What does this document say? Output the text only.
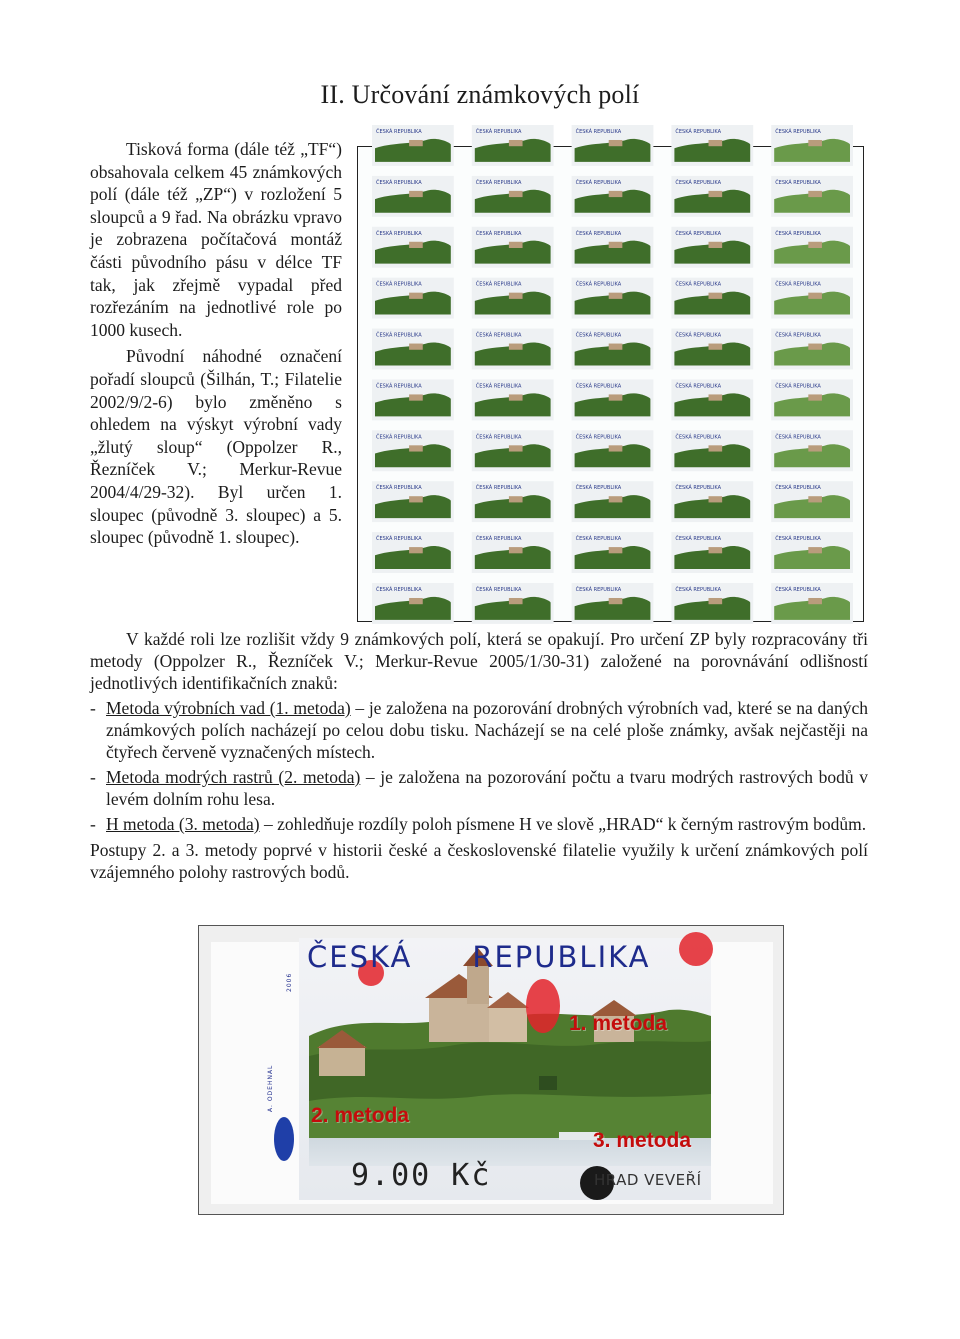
II. Určování známkových polí

Tisková forma (dále též „TF“) obsahovala celkem 45 známkových polí (dále též „ZP“) v rozložení 5 sloupců a 9 řad. Na obrázku vpravo je zobrazena počítačová montáž části původního pásu v délce TF tak, jak zřejmě vypadal před rozřezáním na jednotlivé role po 1000 kusech.

Původní náhodné označení pořadí sloupců (Šilhán, T.; Filatelie 2002/9/2-6) bylo změněno s ohledem na výskyt výrobní vady „žlutý sloup“ (Oppolzer R., Řezníček V.; Merkur-Revue 2004/4/29-32). Byl určen 1. sloupec (původně 3. sloupec) a 5. sloupec (původně 1. sloupec).

ČESKÁ REPUBLIKA	ČESKÁ REPUBLIKA	ČESKÁ REPUBLIKA	ČESKÁ REPUBLIKA	ČESKÁ REPUBLIKA
ČESKÁ REPUBLIKA	ČESKÁ REPUBLIKA	ČESKÁ REPUBLIKA	ČESKÁ REPUBLIKA	ČESKÁ REPUBLIKA
ČESKÁ REPUBLIKA	ČESKÁ REPUBLIKA	ČESKÁ REPUBLIKA	ČESKÁ REPUBLIKA	ČESKÁ REPUBLIKA
ČESKÁ REPUBLIKA	ČESKÁ REPUBLIKA	ČESKÁ REPUBLIKA	ČESKÁ REPUBLIKA	ČESKÁ REPUBLIKA
ČESKÁ REPUBLIKA	ČESKÁ REPUBLIKA	ČESKÁ REPUBLIKA	ČESKÁ REPUBLIKA	ČESKÁ REPUBLIKA
ČESKÁ REPUBLIKA	ČESKÁ REPUBLIKA	ČESKÁ REPUBLIKA	ČESKÁ REPUBLIKA	ČESKÁ REPUBLIKA
ČESKÁ REPUBLIKA	ČESKÁ REPUBLIKA	ČESKÁ REPUBLIKA	ČESKÁ REPUBLIKA	ČESKÁ REPUBLIKA
ČESKÁ REPUBLIKA	ČESKÁ REPUBLIKA	ČESKÁ REPUBLIKA	ČESKÁ REPUBLIKA	ČESKÁ REPUBLIKA
ČESKÁ REPUBLIKA	ČESKÁ REPUBLIKA	ČESKÁ REPUBLIKA	ČESKÁ REPUBLIKA	ČESKÁ REPUBLIKA
ČESKÁ REPUBLIKA	ČESKÁ REPUBLIKA	ČESKÁ REPUBLIKA	ČESKÁ REPUBLIKA	ČESKÁ REPUBLIKA

V každé roli lze rozlišit vždy 9 známkových polí, která se opakují. Pro určení ZP byly rozpracovány tři metody (Oppolzer R., Řezníček V.; Merkur-Revue 2005/1/30-31) založené na porovnávání odlišností jednotlivých identifikačních znaků:

- Metoda výrobních vad (1. metoda) – je založena na pozorování drobných výrobních vad, které se na daných známkových polích nacházejí po celou dobu tisku. Nacházejí se na celé ploše známky, avšak nejčastěji na čtyřech červeně vyznačených místech.

- Metoda modrých rastrů (2. metoda) – je založena na pozorování počtu a tvaru modrých rastrových bodů v levém dolním rohu lesa.

- H metoda (3. metoda) – zohledňuje rozdíly poloh písmene H ve slově „HRAD“ k černým rastrovým bodům.

Postupy 2. a 3. metody poprvé v historii české a československé filatelie využily k určení známkových polí vzájemného polohy rastrových bodů.

ČESKÁ REPUBLIKA
A. ODEHNAL
2006
1. metoda
2. metoda
3. metoda
9.00 Kč	HRAD VEVEŘÍ
